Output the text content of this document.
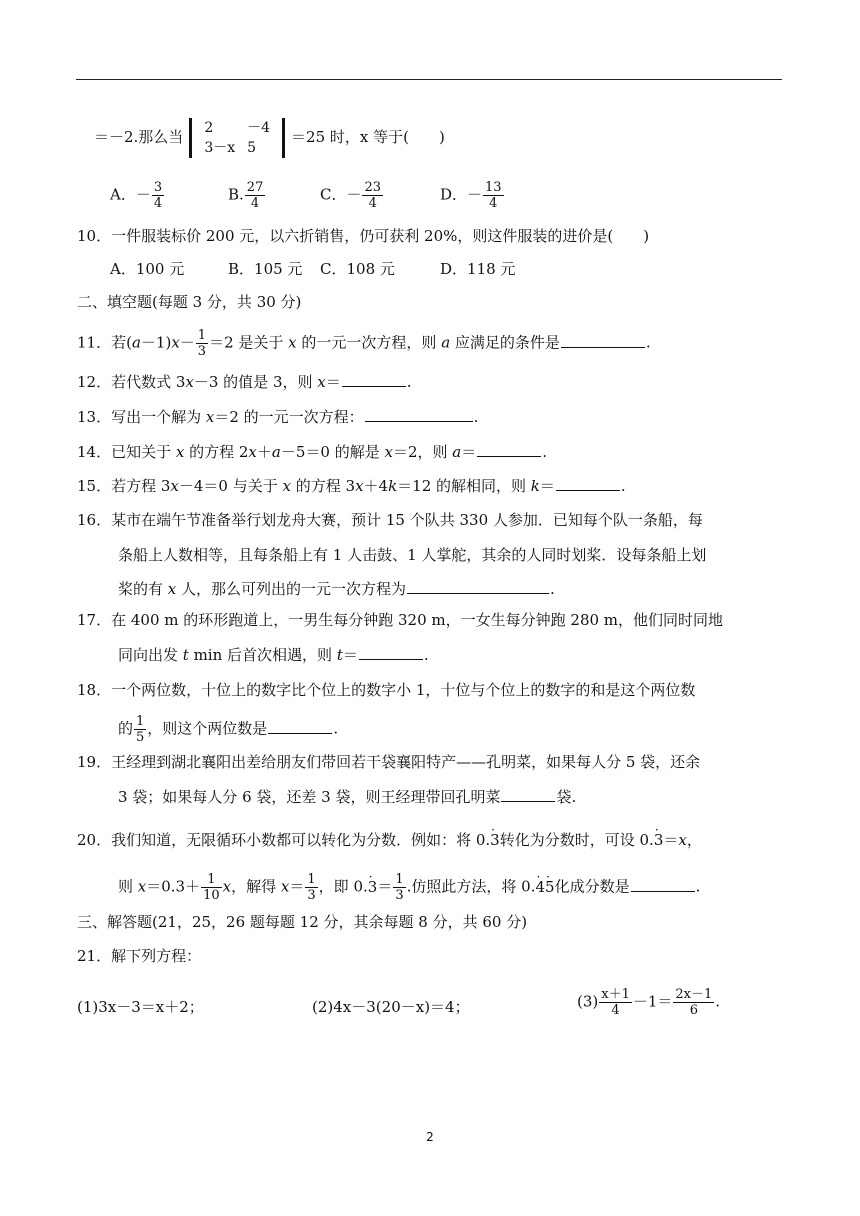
＝－2.那么当 2	－4
3－x	5
＝25 时，x 等于(　　)
A．－ $\frac{3}{4}$	B. $\frac{27}{4}$	C．－ $\frac{23}{4}$	D．－ $\frac{13}{4}$
10．一件服装标价 200 元，以六折销售，仍可获利 20%，则这件服装的进价是(　　)
A．100 元	B．105 元 C．108 元	D．118 元
二、填空题(每题 3 分，共 30 分)
11．若$(a-1)x- \frac{1}{3} =2$ 是关于 x 的一元一次方程，则 a 应满足的条件是	.
12．若代数式 3x－3 的值是 3，则 x＝	.
13．写出一个解为 x＝2 的一元一次方程：	.
14．已知关于 x 的方程 2x＋a－5＝0 的解是 x＝2，则 a＝	.
15．若方程 3x－4＝0 与关于 x 的方程 3x＋4k＝12 的解相同，则 k＝	.
16．某市在端午节准备举行划龙舟大赛，预计 15 个队共 330 人参加．已知每个队一条船，每
条船上人数相等，且每条船上有 1 人击鼓、1 人掌舵，其余的人同时划桨．设每条船上划
桨的有 x 人，那么可列出的一元一次方程为	.
17．在 400 m 的环形跑道上，一男生每分钟跑 320 m，一女生每分钟跑 280 m，他们同时同地
同向出发 t min 后首次相遇，则 t＝	.
18．一个两位数，十位上的数字比个位上的数字小 1，十位与个位上的数字的和是这个两位数
的 $\frac{1}{5}$ ，则这个两位数是	.
19．王经理到湖北襄阳出差给朋友们带回若干袋襄阳特产——孔明菜，如果每人分 5 袋，还余
3 袋；如果每人分 6 袋，还差 3 袋，则王经理带回孔明菜	袋.
20．我们知道，无限循环小数都可以转化为分数．例如：将 0.· 3转化为分数时，可设 0.· 3＝x，
则 $x=0.3+ \frac{1}{10}$ x，解得 $x= \frac{1}{3}$ ，即 $0.\cdot 3= \frac{1}{3}$ .仿照此方法，将 0.· 4· 5化成分数是	.
三、解答题(21，25，26 题每题 12 分，其余每题 8 分，共 60 分)
21．解下列方程：
(1)3x－3＝x＋2；	(2)4x－3(20－x)＝4；	$(3) \frac{x+1}{4} -1= \frac{2x-1}{6}$ .
2
